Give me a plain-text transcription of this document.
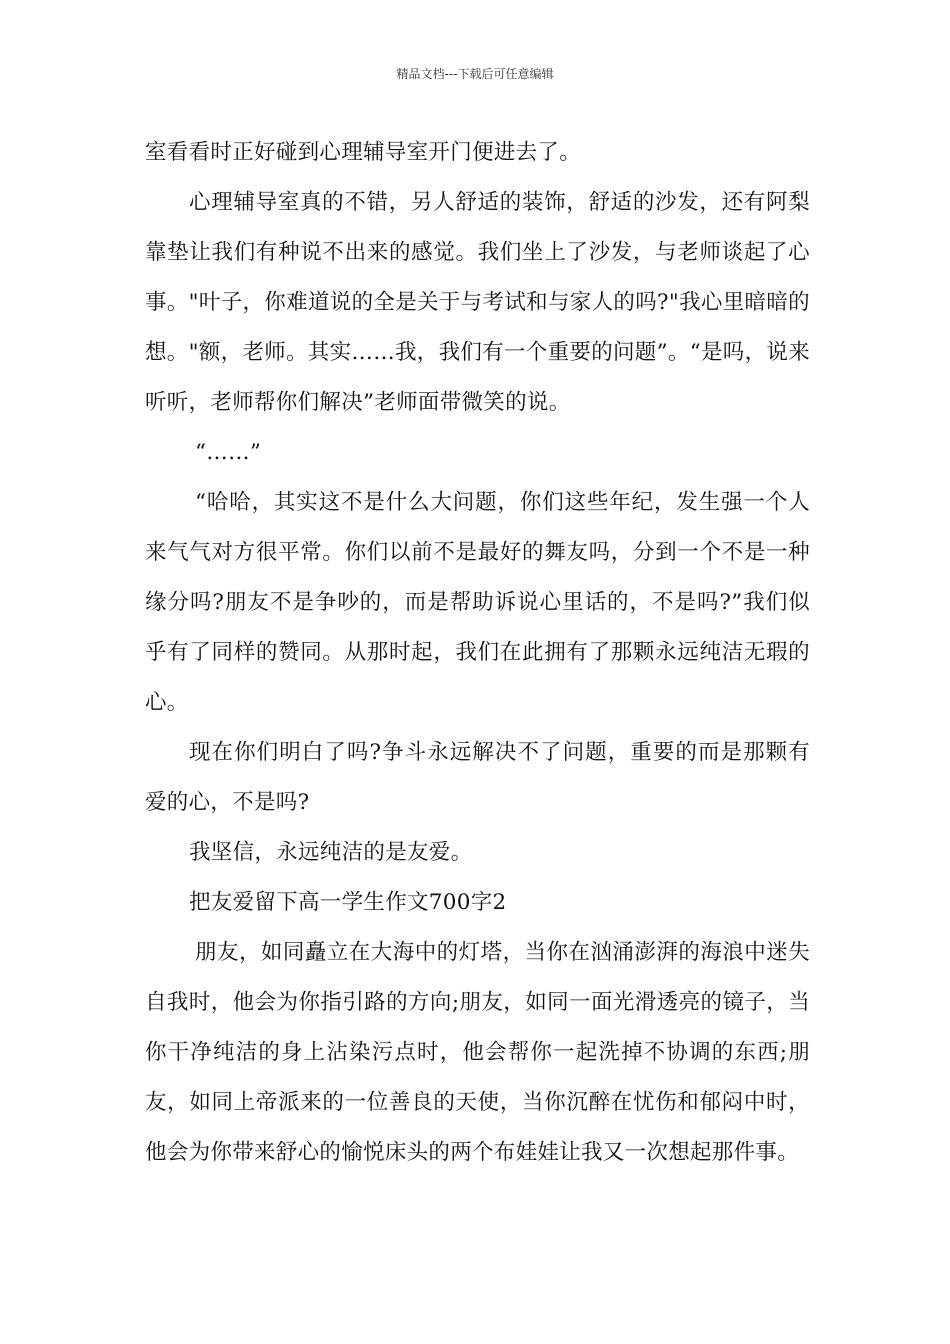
精品文档---下载后可任意编辑

室看看时正好碰到心理辅导室开门便进去了。

心理辅导室真的不错，另人舒适的装饰，舒适的沙发，还有阿梨靠垫让我们有种说不出来的感觉。我们坐上了沙发，与老师谈起了心事。"叶子，你难道说的全是关于与考试和与家人的吗?"我心里暗暗的想。"额，老师。其实……我，我们有一个重要的问题”。“是吗，说来听听，老师帮你们解决”老师面带微笑的说。

“……”

“哈哈，其实这不是什么大问题，你们这些年纪，发生强一个人来气气对方很平常。你们以前不是最好的舞友吗，分到一个不是一种缘分吗?朋友不是争吵的，而是帮助诉说心里话的，不是吗?”我们似乎有了同样的赞同。从那时起，我们在此拥有了那颗永远纯洁无瑕的心。

现在你们明白了吗?争斗永远解决不了问题，重要的而是那颗有爱的心，不是吗?

我坚信，永远纯洁的是友爱。

把友爱留下高一学生作文700字2

朋友，如同矗立在大海中的灯塔，当你在汹涌澎湃的海浪中迷失自我时，他会为你指引路的方向;朋友，如同一面光滑透亮的镜子，当你干净纯洁的身上沾染污点时，他会帮你一起洗掉不协调的东西;朋友，如同上帝派来的一位善良的天使，当你沉醉在忧伤和郁闷中时，他会为你带来舒心的愉悦床头的两个布娃娃让我又一次想起那件事。
